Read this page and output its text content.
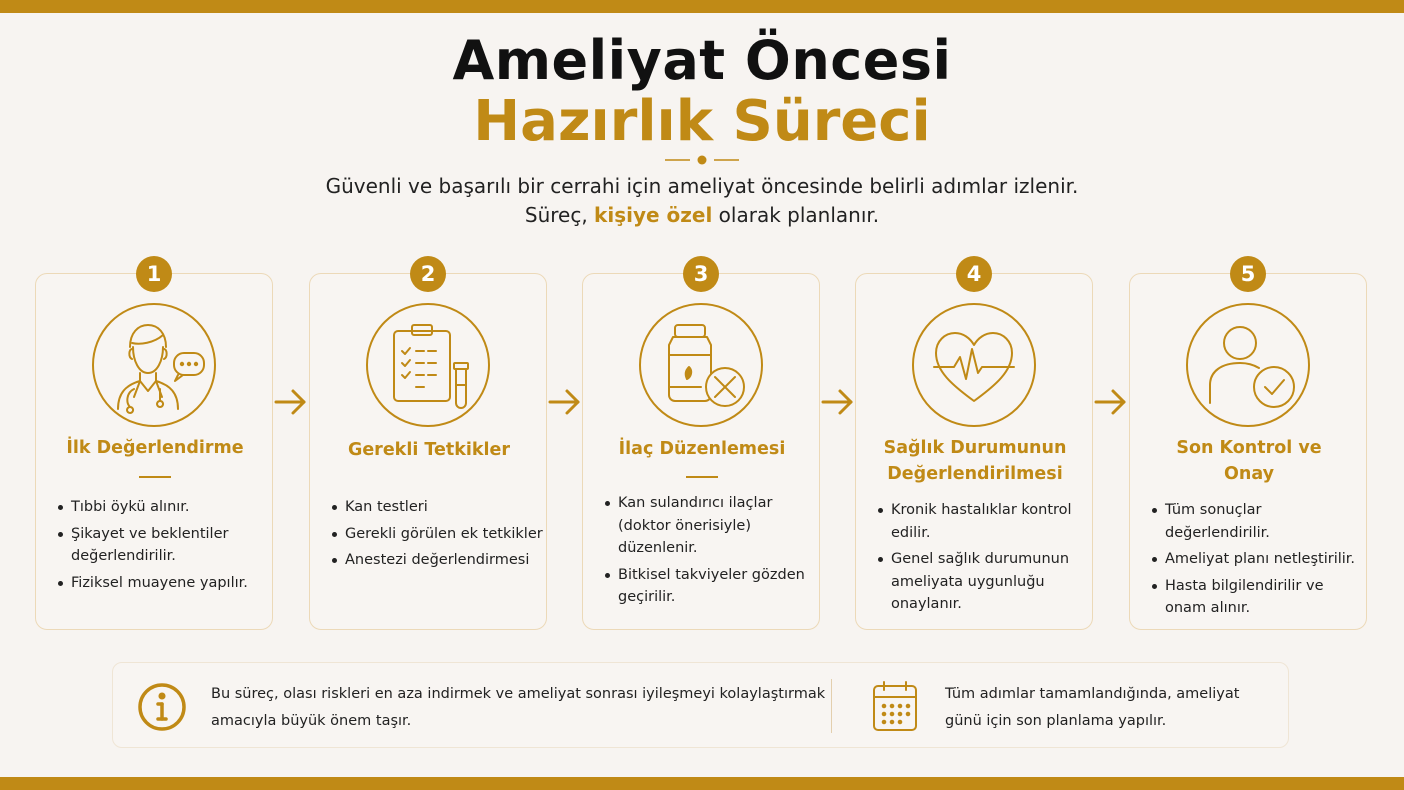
Ameliyat Öncesi
Hazırlık Süreci
Güvenli ve başarılı bir cerrahi için ameliyat öncesinde belirli adımlar izlenir.
Süreç, kişiye özel olarak planlanır.
1
İlk Değerlendirme
Tıbbi öykü alınır.
Şikayet ve beklentiler değerlendirilir.
Fiziksel muayene yapılır.
2
Gerekli Tetkikler
Kan testleri
Gerekli görülen ek tetkikler
Anestezi değerlendirmesi
3
İlaç Düzenlemesi
Kan sulandırıcı ilaçlar (doktor önerisiyle) düzenlenir.
Bitkisel takviyeler gözden geçirilir.
4
Sağlık Durumunun
Değerlendirilmesi
Kronik hastalıklar kontrol edilir.
Genel sağlık durumunun ameliyata uygunluğu onaylanır.
5
Son Kontrol ve
Onay
Tüm sonuçlar değerlendirilir.
Ameliyat planı netleştirilir.
Hasta bilgilendirilir ve onam alınır.
Bu süreç, olası riskleri en aza indirmek ve ameliyat sonrası iyileşmeyi kolaylaştırmak
amacıyla büyük önem taşır.
Tüm adımlar tamamlandığında, ameliyat
günü için son planlama yapılır.
